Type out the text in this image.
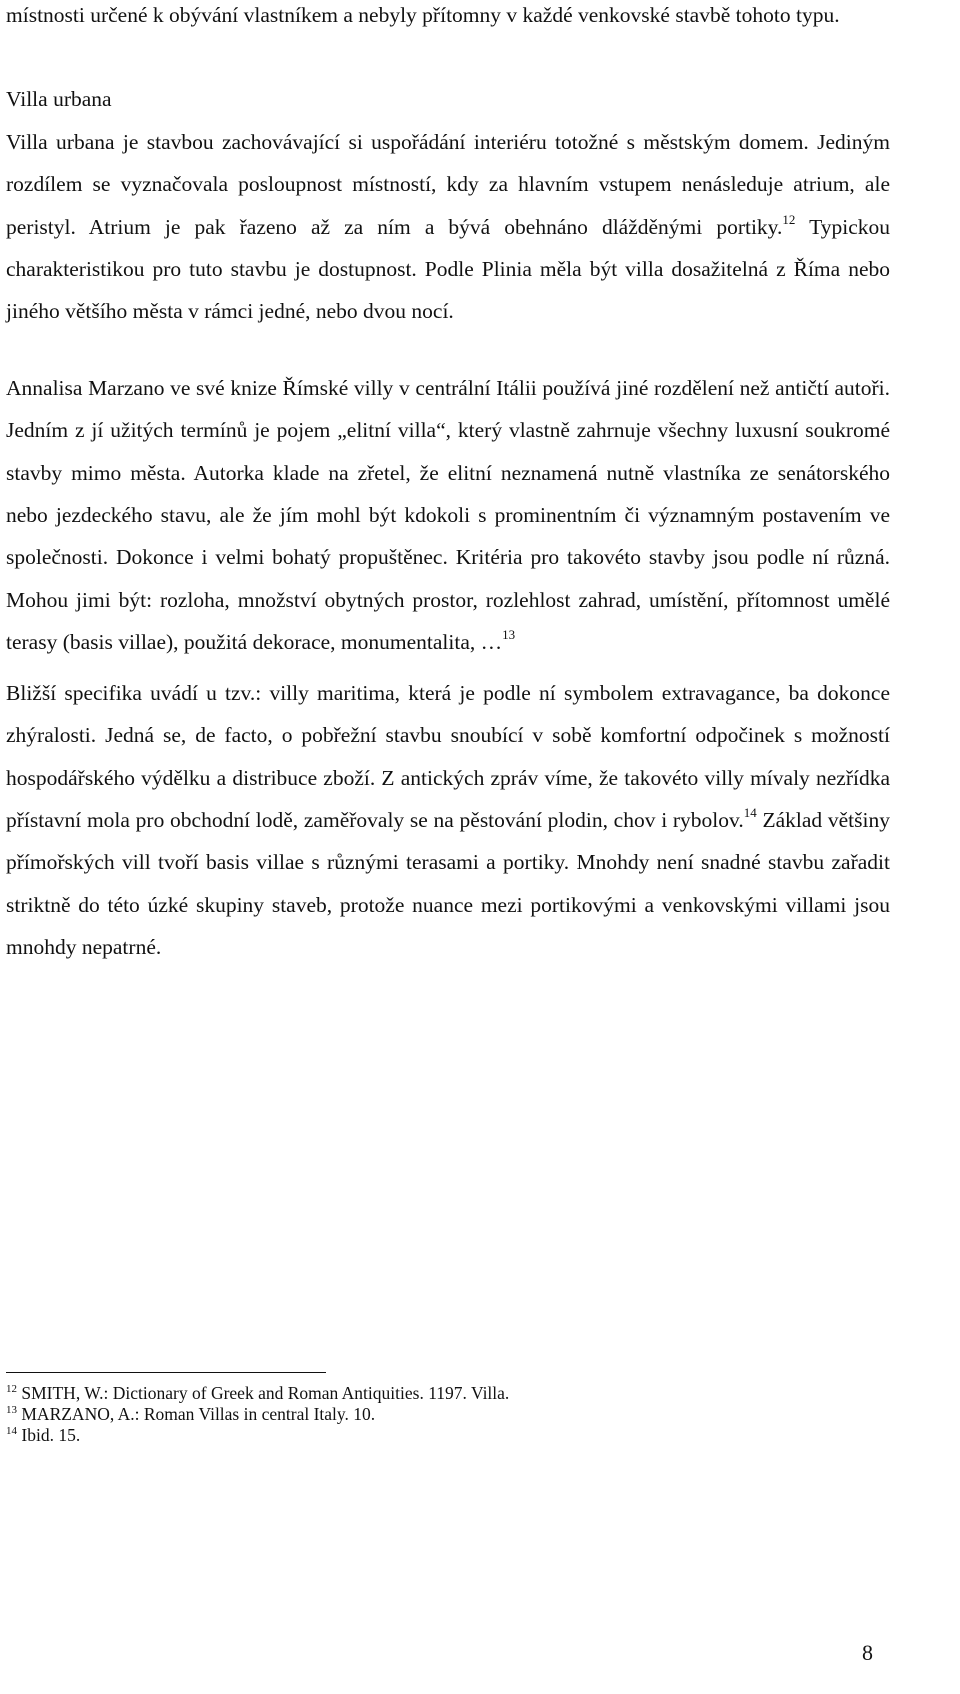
místnosti určené k obývání vlastníkem a nebyly přítomny v každé venkovské stavbě tohoto typu.

Villa urbana

Villa urbana je stavbou zachovávající si uspořádání interiéru totožné s městským domem. Jediným rozdílem se vyznačovala posloupnost místností, kdy za hlavním vstupem nenásleduje atrium, ale peristyl. Atrium je pak řazeno až za ním a bývá obehnáno dlážděnými portiky.$^{12}$ Typickou charakteristikou pro tuto stavbu je dostupnost. Podle Plinia měla být villa dosažitelná z Říma nebo jiného většího města v rámci jedné, nebo dvou nocí.

Annalisa Marzano ve své knize Římské villy v centrální Itálii používá jiné rozdělení než antičtí autoři. Jedním z jí užitých termínů je pojem „elitní villa“, který vlastně zahrnuje všechny luxusní soukromé stavby mimo města. Autorka klade na zřetel, že elitní neznamená nutně vlastníka ze senátorského nebo jezdeckého stavu, ale že jím mohl být kdokoli s prominentním či významným postavením ve společnosti. Dokonce i velmi bohatý propuštěnec. Kritéria pro takovéto stavby jsou podle ní různá. Mohou jimi být: rozloha, množství obytných prostor, rozlehlost zahrad, umístění, přítomnost umělé terasy (basis villae), použitá dekorace, monumentalita, …$^{13}$

Bližší specifika uvádí u tzv.: villy maritima, která je podle ní symbolem extravagance, ba dokonce zhýralosti. Jedná se, de facto, o pobřežní stavbu snoubící v sobě komfortní odpočinek s možností hospodářského výdělku a distribuce zboží. Z antických zpráv víme, že takovéto villy mívaly nezřídka přístavní mola pro obchodní lodě, zaměřovaly se na pěstování plodin, chov i rybolov.$^{14}$ Základ většiny přímořských vill tvoří basis villae s různými terasami a portiky. Mnohdy není snadné stavbu zařadit striktně do této úzké skupiny staveb, protože nuance mezi portikovými a venkovskými villami jsou mnohdy nepatrné.

$^{12}$ SMITH, W.: Dictionary of Greek and Roman Antiquities. 1197. Villa.

$^{13}$ MARZANO, A.: Roman Villas in central Italy. 10.

$^{14}$ Ibid. 15.

8
